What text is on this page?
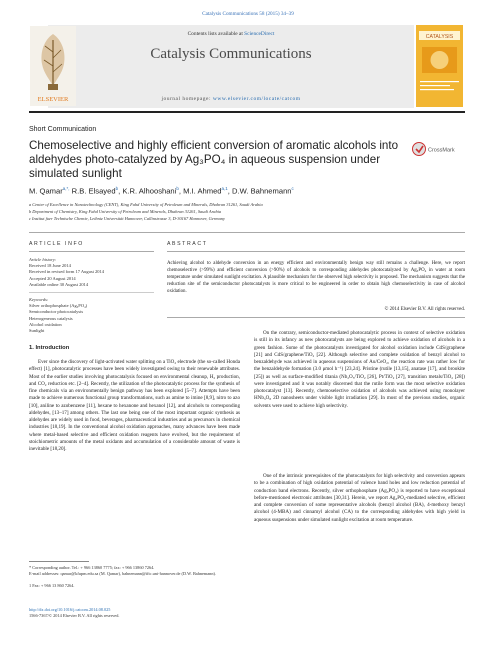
Catalysis Communications 58 (2015) 34–39
Contents lists available at ScienceDirect
Catalysis Communications
journal homepage: www.elsevier.com/locate/catcom
ELSEVIER
CATALYSIS
Short Communication
Chemoselective and highly efficient conversion of aromatic alcohols into aldehydes photo-catalyzed by Ag₃PO₄ in aqueous suspension under simulated sunlight
CrossMark
M. Qamar$^{a,*,}$ R.B. Elsayed$^b$, K.R. Alhooshani$^b$, M.I. Ahmed$^{a,1}$, D.W. Bahnemann$^c$
a Center of Excellence in Nanotechnology (CENT), King Fahd University of Petroleum and Minerals, Dhahran 31261, Saudi Arabia
b Department of Chemistry, King Fahd University of Petroleum and Minerals, Dhahran 31261, Saudi Arabia
c Institut fuer Technische Chemie, Leibniz Universität Hannover, Callinstrasse 3, D-30167 Hannover, Germany
ARTICLE INFO	ABSTRACT
Article history:
Received 18 June 2014
Received in revised form 17 August 2014
Accepted 20 August 2014
Available online 30 August 2014
Keywords:
Silver orthophosphate (Ag₃PO₄)
Semiconductor photocatalysts
Heterogeneous catalysis
Alcohol oxidation
Sunlight
Achieving alcohol to aldehyde conversion in an energy efficient and environmentally benign way still remains a challenge. Here, we report chemoselective (>99%) and efficient conversion (>90%) of alcohols to corresponding aldehydes photocatalyzed by Ag₃PO₄ in water at room temperature under simulated sunlight excitation. A plausible mechanism for the observed high selectivity is proposed. The mechanism suggests that the reduction site of the semiconductor photocatalysts is more critical to be engineered in order to obtain high chemoselectivity in case of alcohol oxidation.
© 2014 Elsevier B.V. All rights reserved.
1. Introduction
Ever since the discovery of light-activated water splitting on a TiO₂ electrode (the so-called Honda effect) [1], photocatalytic processes have been widely investigated owing to their renewable attributes. Most of the earlier studies involving photocatalysis focused on environmental cleanup, H₂ production, and CO₂ reduction etc. [2–4]. Recently, the utilization of the photocatalytic process for the synthesis of fine chemicals via an environmentally benign pathway has been explored [5–7]. Attempts have been made to achieve numerous functional group transformations, such as amine to imine [8,9], nitro to azo [10], aniline to azobenzene [11], hexane to hexanone and hexanol [12], and alcohols to corresponding aldehydes, [13–17] among others. The last one being one of the most important organic synthesis as aldehydes are widely used in food, beverages, pharmaceutical industries and as precursors in chemical industries [18,19]. In the conventional alcohol oxidation approaches, many advances have been made where metal-based selective and efficient oxidation reagents have evolved, but the requirement of stoichiometric amounts of the metal oxidants and accumulation of a considerable amount of waste is inevitable [18,20].
On the contrary, semiconductor-mediated photocatalytic process in context of selective oxidation is still in its infancy as new photocatalysts are being explored to achieve oxidation of alcohols in a green fashion. Some of the photocatalysts investigated for alcohol oxidation include CdS/graphene [21] and CdS/graphene/TiO₂ [22]. Although selective and complete oxidation of benzyl alcohol to benzaldehyde was achieved in aqueous suspensions of Au/CeO₂, the reaction rate was rather low for the benzaldehyde formation (3.0 μmol h⁻¹) [23,24]. Pristine (rutile [13,15], anatase [17], and brookite [25]) as well as surface-modified titania (Nb₂O₅/TiO₂ [26], Pt/TiO₂ [27], transition metals/TiO₂ [28]) were investigated and it was notably discerned that the rutile form was the most selective oxidation photocatalyst [13]. Recently, chemoselective oxidation of alcohols was achieved using monolayer HNb₃O₈ 2D nanosheets under visible light irradiation [29]. In most of the previous studies, organic solvents were used to achieve high selectivity.
One of the intrinsic prerequisites of the photocatalysts for high selectivity and conversion appears to be a combination of high oxidation potential of valence band holes and low reduction potential of conduction band electrons. Recently, silver orthophosphate (Ag₃PO₄) is reported to have exceptional before-mentioned electronic attributes [30,31]. Herein, we report Ag₃PO₄-mediated selective, efficient and complete conversion of some representative alcohols (benzyl alcohol (BA), 4-methoxy benzyl alcohol (4-MBA) and cinnamyl alcohol (CA) to the corresponding aldehydes with high yield in aqueous suspensions under simulated sunlight excitation at room temperature.
* Corresponding author. Tel.: + 966 13860 7775; fax: + 966 13860 7264.
E-mail addresses: qamar@kfupm.edu.sa (M. Qamar), bahnemann@iftc.uni-hannover.de (D.W. Bahnemann).
1 Fax: + 966 13 860 7264.
http://dx.doi.org/10.1016/j.catcom.2014.08.025
1566-7367/© 2014 Elsevier B.V. All rights reserved.
